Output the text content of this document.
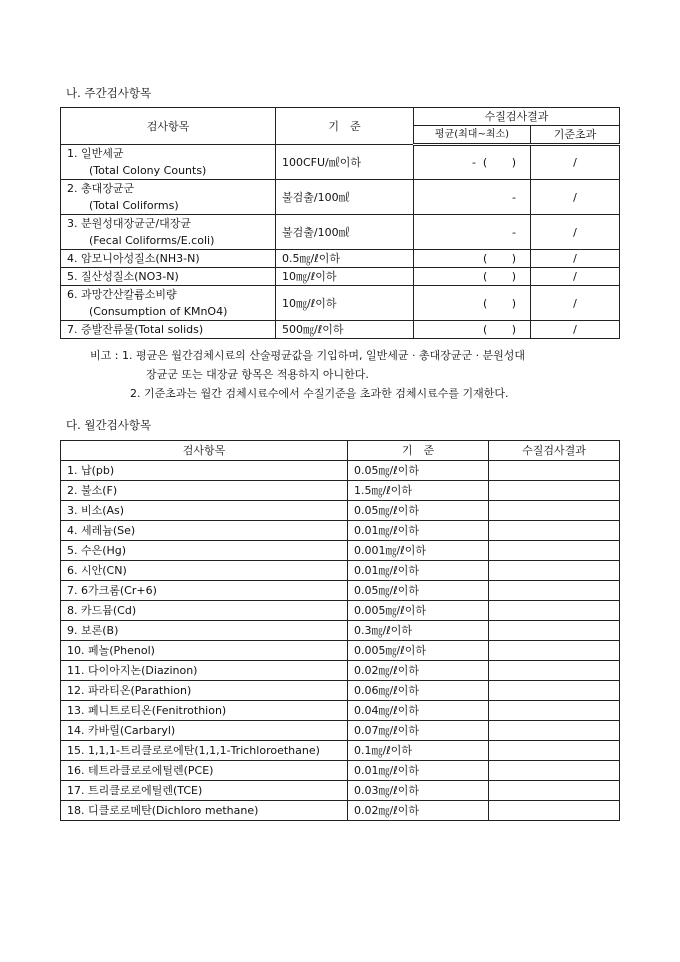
나. 주간검사항목
검사항목	기　준	수질검사결과	
		평균(최대~최소)	기준초과
1. 일반세균
(Total Colony Counts)	100CFU/㎖이하	-  (       )	/
2. 총대장균군
(Total Coliforms)	불검출/100㎖	-	/
3. 분원성대장균군/대장균
(Fecal Coliforms/E.coli)	불검출/100㎖	-	/
4. 암모니아성질소(NH3-N)	0.5㎎/ℓ이하	(       )	/
5. 질산성질소(NO3-N)	10㎎/ℓ이하	(       )	/
6. 과망간산칼륨소비량
(Consumption of KMnO4)	10㎎/ℓ이하	(       )	/
7. 증발잔류물(Total solids)	500㎎/ℓ이하	(       )	/
비고 : 1. 평균은 월간검체시료의 산술평균값을 기입하며, 일반세균 · 총대장균군 · 분원성대
장균군 또는 대장균 항목은 적용하지 아니한다.
2. 기준초과는 월간 검체시료수에서 수질기준을 초과한 검체시료수를 기재한다.
다. 월간검사항목
검사항목	기　준	수질검사결과
1. 납(pb)	0.05㎎/ℓ이하	
2. 불소(F)	1.5㎎/ℓ이하	
3. 비소(As)	0.05㎎/ℓ이하	
4. 세레늄(Se)	0.01㎎/ℓ이하	
5. 수은(Hg)	0.001㎎/ℓ이하	
6. 시안(CN)	0.01㎎/ℓ이하	
7. 6가크롬(Cr+6)	0.05㎎/ℓ이하	
8. 카드뮴(Cd)	0.005㎎/ℓ이하	
9. 보론(B)	0.3㎎/ℓ이하	
10. 페놀(Phenol)	0.005㎎/ℓ이하	
11. 다이아지논(Diazinon)	0.02㎎/ℓ이하	
12. 파라티온(Parathion)	0.06㎎/ℓ이하	
13. 페니트로티온(Fenitrothion)	0.04㎎/ℓ이하	
14. 카바릴(Carbaryl)	0.07㎎/ℓ이하	
15. 1,1,1-트리클로로에탄(1,1,1-Trichloroethane)	0.1㎎/ℓ이하	
16. 테트라클로로에틸렌(PCE)	0.01㎎/ℓ이하	
17. 트리클로로에틸렌(TCE)	0.03㎎/ℓ이하	
18. 디클로로메탄(Dichloro methane)	0.02㎎/ℓ이하	
